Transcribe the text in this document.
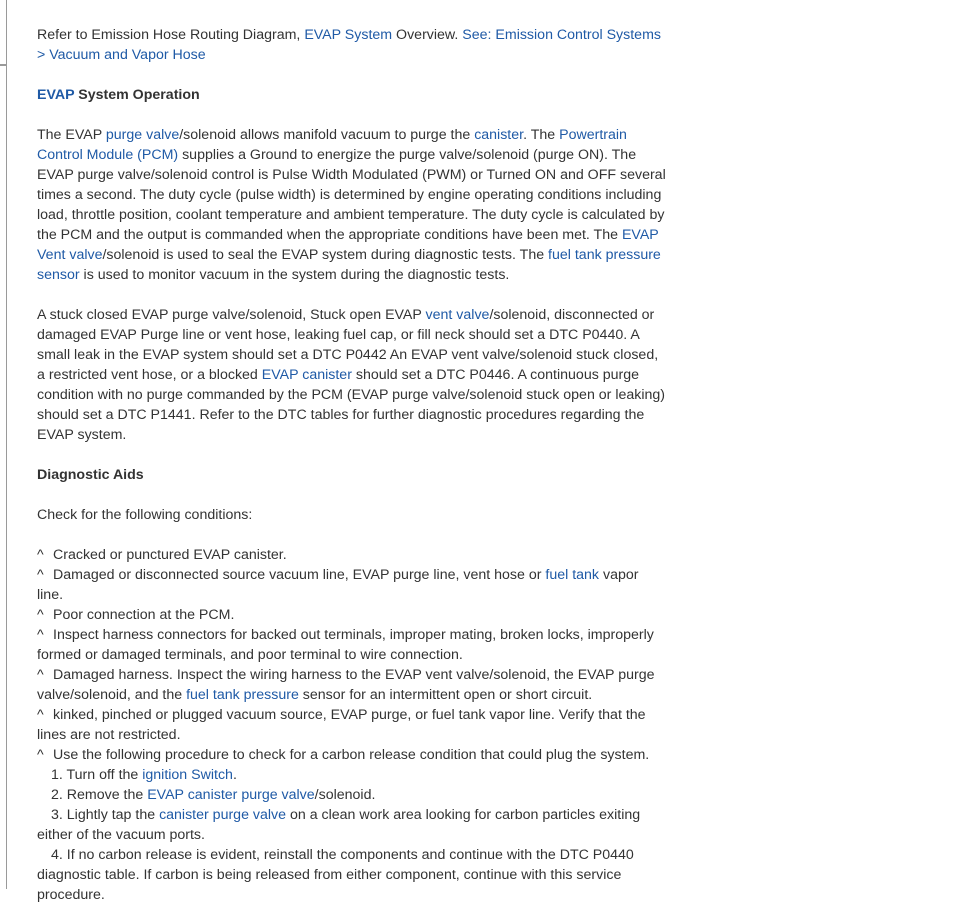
Refer to Emission Hose Routing Diagram, EVAP System Overview. See: Emission Control Systems > Vacuum and Vapor Hose

EVAP System Operation

The EVAP purge valve/solenoid allows manifold vacuum to purge the canister. The Powertrain Control Module (PCM) supplies a Ground to energize the purge valve/solenoid (purge ON). The EVAP purge valve/solenoid control is Pulse Width Modulated (PWM) or Turned ON and OFF several times a second. The duty cycle (pulse width) is determined by engine operating conditions including load, throttle position, coolant temperature and ambient temperature. The duty cycle is calculated by the PCM and the output is commanded when the appropriate conditions have been met. The EVAP Vent valve/solenoid is used to seal the EVAP system during diagnostic tests. The fuel tank pressure sensor is used to monitor vacuum in the system during the diagnostic tests.

A stuck closed EVAP purge valve/solenoid, Stuck open EVAP vent valve/solenoid, disconnected or damaged EVAP Purge line or vent hose, leaking fuel cap, or fill neck should set a DTC P0440. A small leak in the EVAP system should set a DTC P0442 An EVAP vent valve/solenoid stuck closed, a restricted vent hose, or a blocked EVAP canister should set a DTC P0446. A continuous purge condition with no purge commanded by the PCM (EVAP purge valve/solenoid stuck open or leaking) should set a DTC P1441. Refer to the DTC tables for further diagnostic procedures regarding the EVAP system.

Diagnostic Aids

Check for the following conditions:

^ Cracked or punctured EVAP canister.
^ Damaged or disconnected source vacuum line, EVAP purge line, vent hose or fuel tank vapor line.
^ Poor connection at the PCM.
^ Inspect harness connectors for backed out terminals, improper mating, broken locks, improperly formed or damaged terminals, and poor terminal to wire connection.
^ Damaged harness. Inspect the wiring harness to the EVAP vent valve/solenoid, the EVAP purge valve/solenoid, and the fuel tank pressure sensor for an intermittent open or short circuit.
^ kinked, pinched or plugged vacuum source, EVAP purge, or fuel tank vapor line. Verify that the lines are not restricted.
^ Use the following procedure to check for a carbon release condition that could plug the system.
1. Turn off the ignition Switch.
2. Remove the EVAP canister purge valve/solenoid.
3. Lightly tap the canister purge valve on a clean work area looking for carbon particles exiting either of the vacuum ports.
4. If no carbon release is evident, reinstall the components and continue with the DTC P0440 diagnostic table. If carbon is being released from either component, continue with this service procedure.
